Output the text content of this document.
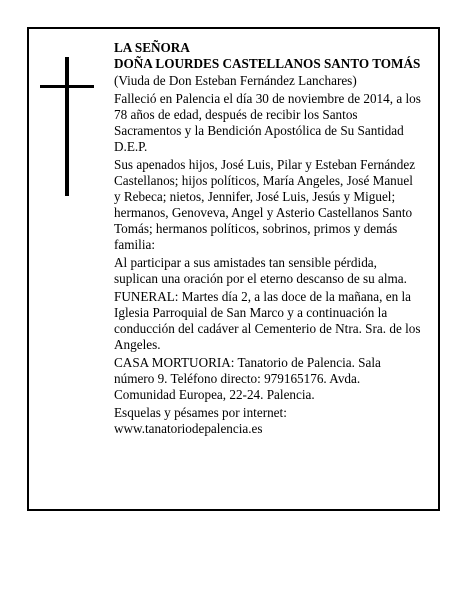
LA SEÑORA

DOÑA LOURDES CASTELLANOS SANTO TOMÁS

(Viuda de Don Esteban Fernández Lanchares)

Falleció en Palencia el día 30 de noviembre de 2014, a los 78 años de edad, después de recibir los Santos Sacramentos y la Bendición Apostólica de Su Santidad

D.E.P.

Sus apenados hijos, José Luis, Pilar y Esteban Fernández Castellanos; hijos políticos, María Angeles, José Manuel y Rebeca; nietos, Jennifer, José Luis, Jesús y Miguel; hermanos, Genoveva, Angel y Asterio Castellanos Santo Tomás; hermanos políticos, sobrinos, primos y demás familia:

Al participar a sus amistades tan sensible pérdida, suplican una oración por el eterno descanso de su alma.

FUNERAL: Martes día 2, a las doce de la mañana, en la Iglesia Parroquial de San Marco y a continuación la conducción del cadáver al Cementerio de Ntra. Sra. de los Angeles.

CASA MORTUORIA: Tanatorio de Palencia. Sala número 9. Teléfono directo: 979165176. Avda. Comunidad Europea, 22-24. Palencia.

Esquelas y pésames por internet:

www.tanatoriodepalencia.es
